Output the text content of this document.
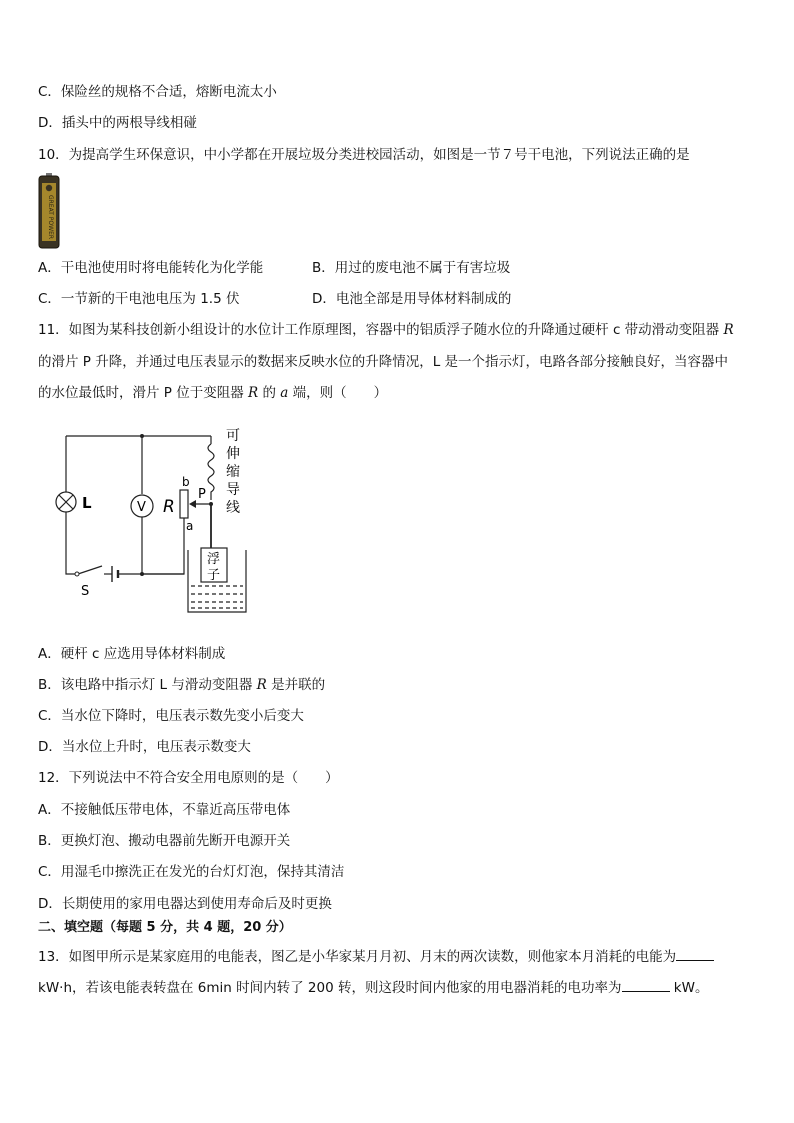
C．保险丝的规格不合适，熔断电流太小
D．插头中的两根导线相碰
10．为提高学生环保意识，中小学都在开展垃圾分类进校园活动，如图是一节７号干电池，下列说法正确的是
GREAT POWER
A．干电池使用时将电能转化为化学能	B．用过的废电池不属于有害垃圾
C．一节新的干电池电压为 1.5 伏	D．电池全部是用导体材料制成的
11．如图为某科技创新小组设计的水位计工作原理图，容器中的铝质浮子随水位的升降通过硬杆 c 带动滑动变阻器 R
的滑片 P 升降，并通过电压表显示的数据来反映水位的升降情况，L 是一个指示灯，电路各部分接触良好，当容器中
的水位最低时，滑片 P 位于变阻器 R 的 a 端，则（　　）
L	V R
b
a
P
S
可
伸
缩
导
线
浮
子
A．硬杆 c 应选用导体材料制成
B．该电路中指示灯 L 与滑动变阻器 R 是并联的
C．当水位下降时，电压表示数先变小后变大
D．当水位上升时，电压表示数变大
12．下列说法中不符合安全用电原则的是（　　）
A．不接触低压带电体，不靠近高压带电体
B．更换灯泡、搬动电器前先断开电源开关
C．用湿毛巾擦洗正在发光的台灯灯泡，保持其清洁
D．长期使用的家用电器达到使用寿命后及时更换
二、填空题（每题 5 分，共 4 题，20 分）
13．如图甲所示是某家庭用的电能表，图乙是小华家某月月初、月末的两次读数，则他家本月消耗的电能为
kW·h，若该电能表转盘在 6min 时间内转了 200 转，则这段时间内他家的用电器消耗的电功率为	kW。
